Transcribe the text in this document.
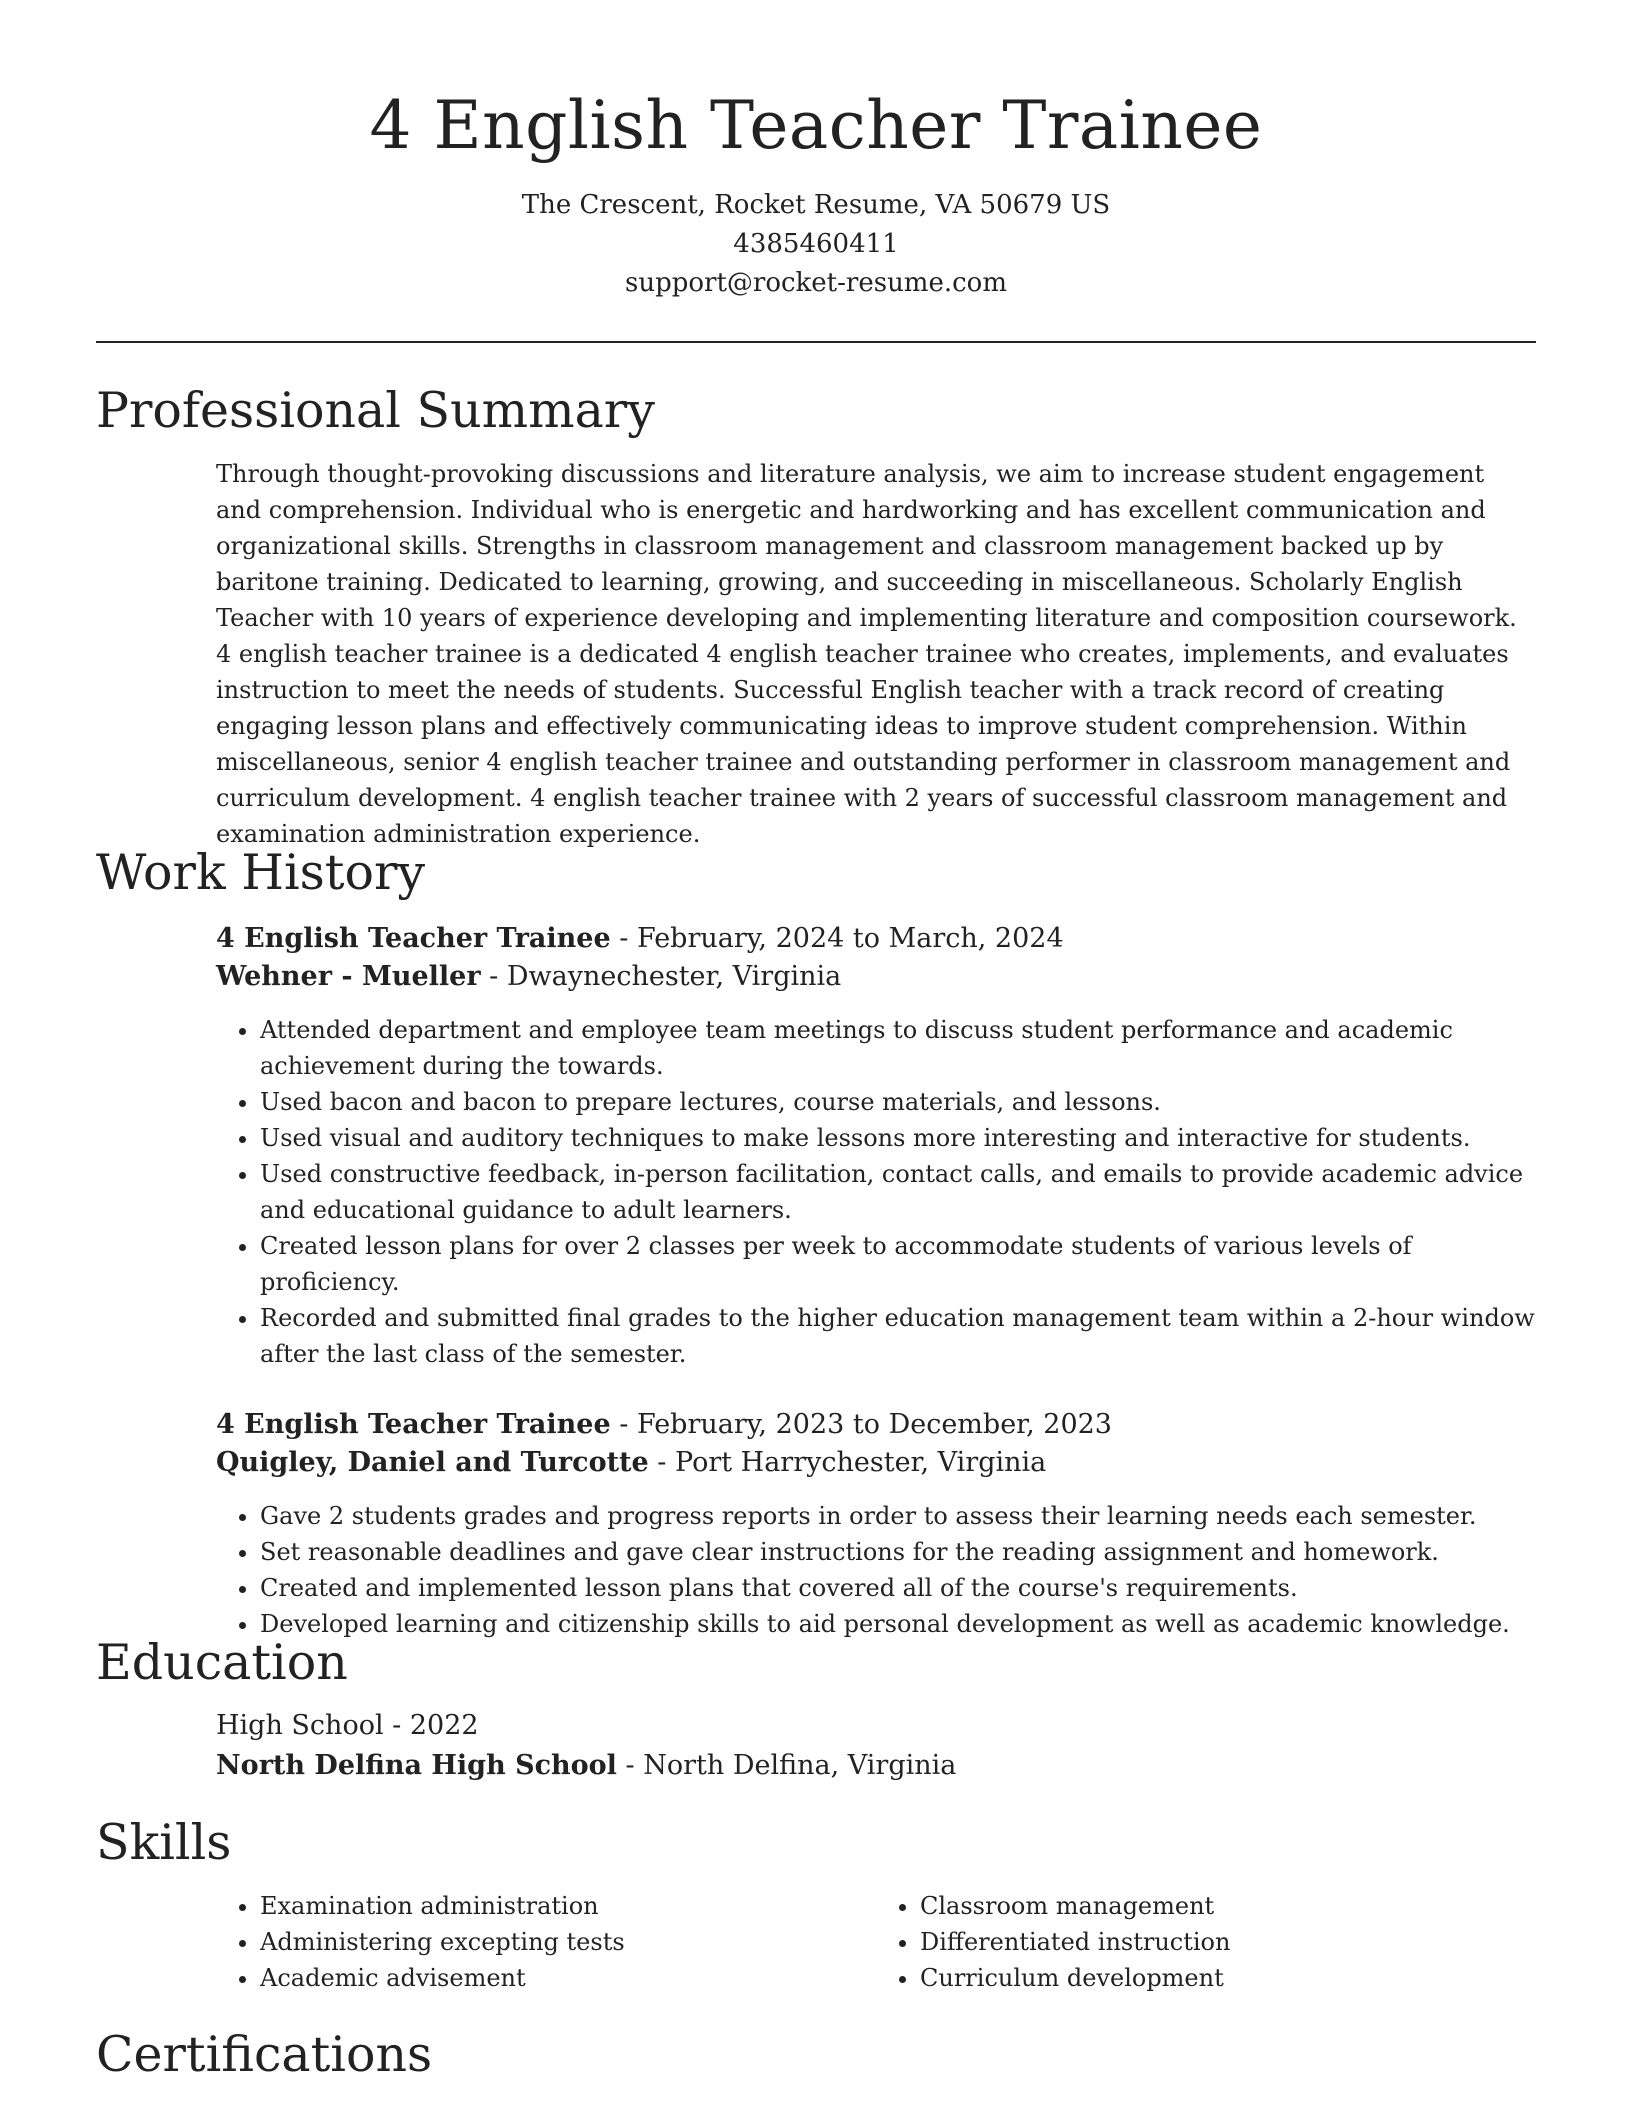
4 English Teacher Trainee

The Crescent, Rocket Resume, VA 50679 US

4385460411

support@rocket-resume.com

Professional Summary

Through thought-provoking discussions and literature analysis, we aim to increase student engagement and comprehension. Individual who is energetic and hardworking and has excellent communication and organizational skills. Strengths in classroom management and classroom management backed up by baritone training. Dedicated to learning, growing, and succeeding in miscellaneous. Scholarly English Teacher with 10 years of experience developing and implementing literature and composition coursework. 4 english teacher trainee is a dedicated 4 english teacher trainee who creates, implements, and evaluates instruction to meet the needs of students. Successful English teacher with a track record of creating engaging lesson plans and effectively communicating ideas to improve student comprehension. Within miscellaneous, senior 4 english teacher trainee and outstanding performer in classroom management and curriculum development. 4 english teacher trainee with 2 years of successful classroom management and examination administration experience.

Work History

4 English Teacher Trainee - February, 2024 to March, 2024

Wehner - Mueller - Dwaynechester, Virginia

• Attended department and employee team meetings to discuss student performance and academic achievement during the towards.
• Used bacon and bacon to prepare lectures, course materials, and lessons.
• Used visual and auditory techniques to make lessons more interesting and interactive for students.
• Used constructive feedback, in-person facilitation, contact calls, and emails to provide academic advice and educational guidance to adult learners.
• Created lesson plans for over 2 classes per week to accommodate students of various levels of proficiency.
• Recorded and submitted final grades to the higher education management team within a 2-hour window after the last class of the semester.

4 English Teacher Trainee - February, 2023 to December, 2023

Quigley, Daniel and Turcotte - Port Harrychester, Virginia

• Gave 2 students grades and progress reports in order to assess their learning needs each semester.
• Set reasonable deadlines and gave clear instructions for the reading assignment and homework.
• Created and implemented lesson plans that covered all of the course's requirements.
• Developed learning and citizenship skills to aid personal development as well as academic knowledge.
Education

High School - 2022

North Delfina High School - North Delfina, Virginia

Skills
• Examination administration
• Administering excepting tests
• Academic advisement
• Classroom management
• Differentiated instruction
• Curriculum development
Certifications
